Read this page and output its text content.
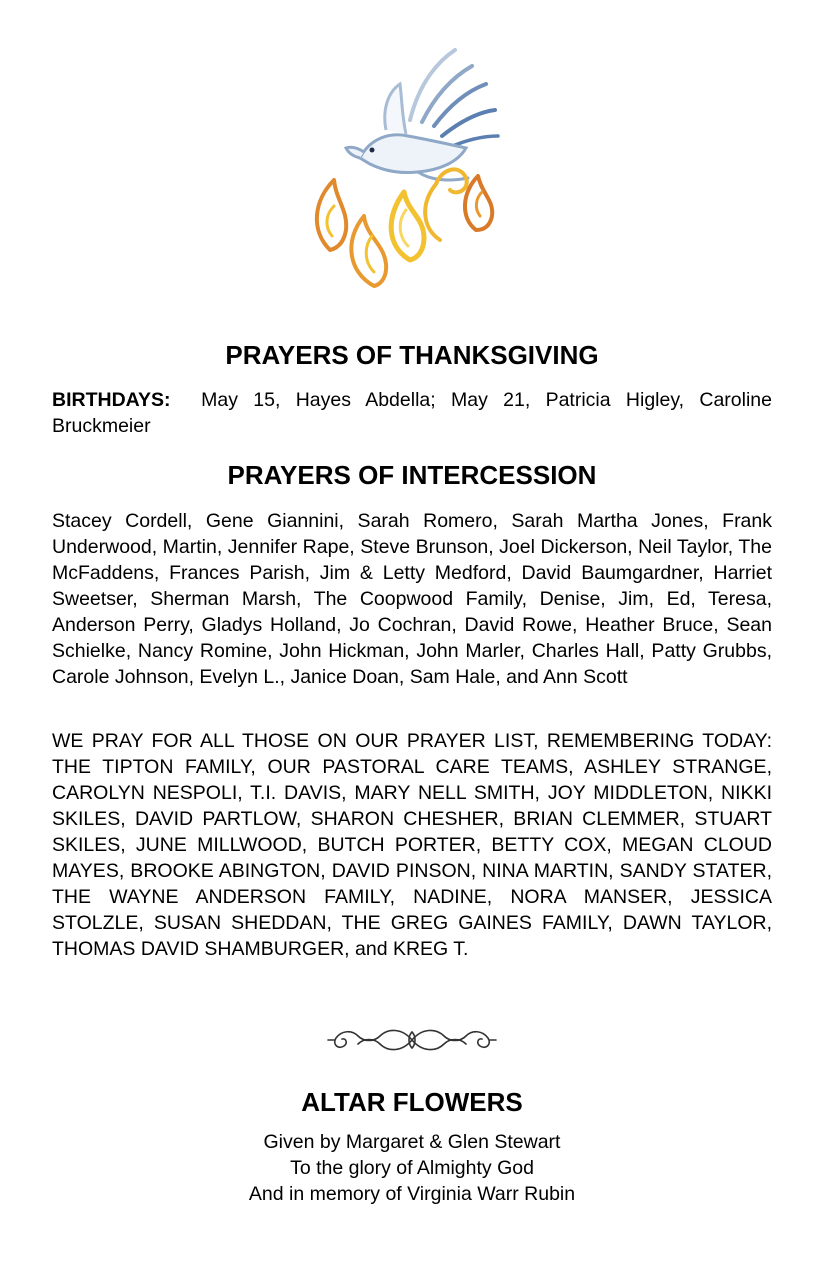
PRAYERS OF THANKSGIVING

BIRTHDAYS: May 15, Hayes Abdella; May 21, Patricia Higley, Caroline Bruckmeier

PRAYERS OF INTERCESSION

Stacey Cordell, Gene Giannini, Sarah Romero, Sarah Martha Jones, Frank Underwood, Martin, Jennifer Rape, Steve Brunson, Joel Dickerson, Neil Taylor, The McFaddens, Frances Parish, Jim & Letty Medford, David Baumgardner, Harriet Sweetser, Sherman Marsh, The Coopwood Family, Denise, Jim, Ed, Teresa, Anderson Perry, Gladys Holland, Jo Cochran, David Rowe, Heather Bruce, Sean Schielke, Nancy Romine, John Hickman, John Marler, Charles Hall, Patty Grubbs, Carole Johnson, Evelyn L., Janice Doan, Sam Hale, and Ann Scott

WE PRAY FOR ALL THOSE ON OUR PRAYER LIST, REMEMBERING TODAY: THE TIPTON FAMILY, OUR PASTORAL CARE TEAMS, ASHLEY STRANGE, CAROLYN NESPOLI, T.I. DAVIS, MARY NELL SMITH, JOY MIDDLETON, NIKKI SKILES, DAVID PARTLOW, SHARON CHESHER, BRIAN CLEMMER, STUART SKILES, JUNE MILLWOOD, BUTCH PORTER, BETTY COX, MEGAN CLOUD MAYES, BROOKE ABINGTON, DAVID PINSON, NINA MARTIN, SANDY STATER, THE WAYNE ANDERSON FAMILY, NADINE, NORA MANSER, JESSICA STOLZLE, SUSAN SHEDDAN, THE GREG GAINES FAMILY, DAWN TAYLOR, THOMAS DAVID SHAMBURGER, and KREG T.

ALTAR FLOWERS
Given by Margaret & Glen Stewart
To the glory of Almighty God
And in memory of Virginia Warr Rubin
